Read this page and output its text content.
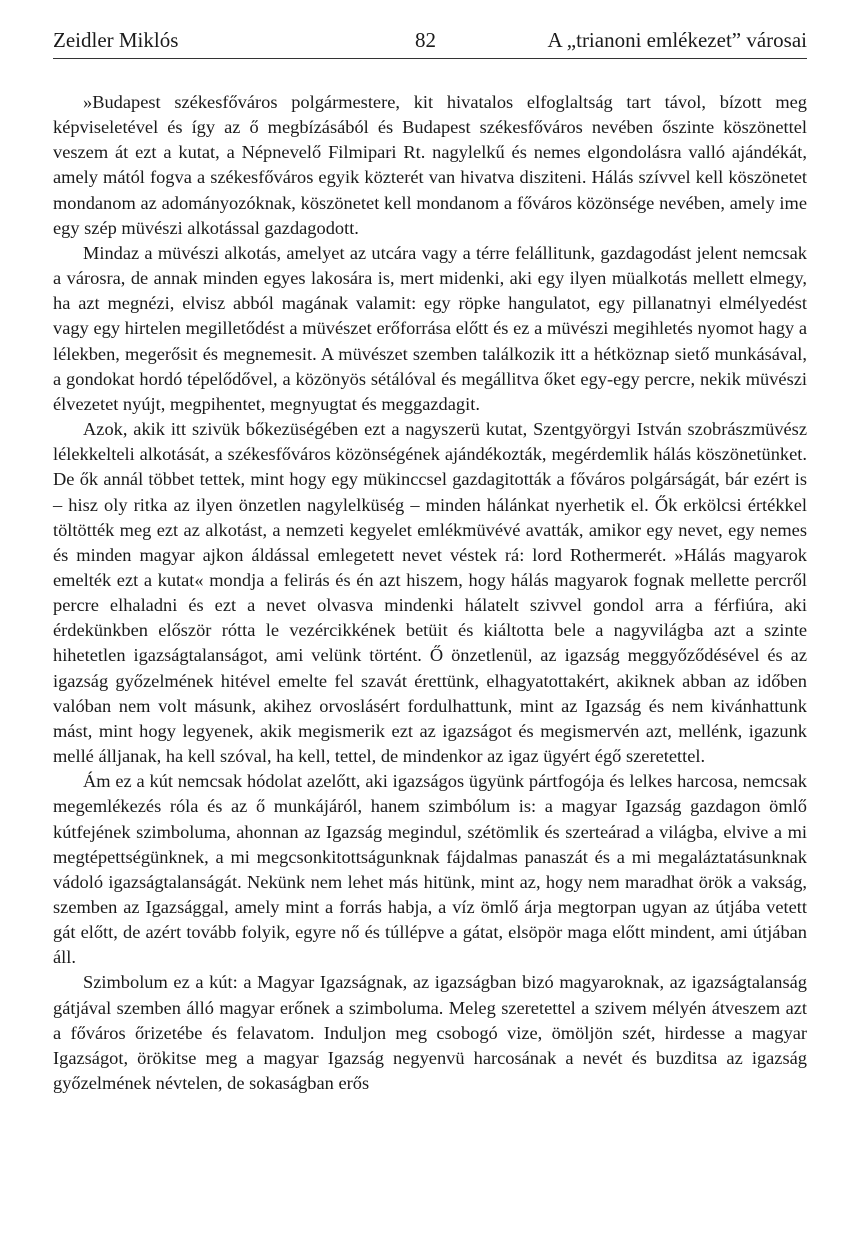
Zeidler Miklós	82	A „trianoni emlékezet” városai

»Budapest székesfőváros polgármestere, kit hivatalos elfoglaltság tart távol, bízott meg képviseletével és így az ő megbízásából és Budapest székesfőváros nevében őszinte köszönettel veszem át ezt a kutat, a Népnevelő Filmipari Rt. nagylelkű és nemes elgondolásra valló ajándékát, amely mától fogva a székesfőváros egyik közterét van hivatva disziteni. Hálás szívvel kell köszönetet mondanom az adományozóknak, köszönetet kell mondanom a főváros közönsége nevében, amely ime egy szép müvészi alkotással gazdagodott.

Mindaz a müvészi alkotás, amelyet az utcára vagy a térre felállitunk, gazdagodást jelent nemcsak a városra, de annak minden egyes lakosára is, mert midenki, aki egy ilyen müalkotás mellett elmegy, ha azt megnézi, elvisz abból magának valamit: egy röpke hangulatot, egy pillanatnyi elmélyedést vagy egy hirtelen megilletődést a müvészet erőforrása előtt és ez a müvészi megihletés nyomot hagy a lélekben, megerősit és megnemesit. A müvészet szemben találkozik itt a hétköznap siető munkásával, a gondokat hordó tépelődővel, a közönyös sétálóval és megállitva őket egy-egy percre, nekik müvészi élvezetet nyújt, megpihentet, megnyugtat és meggazdagit.

Azok, akik itt szivük bőkezüségében ezt a nagyszerü kutat, Szentgyörgyi István szobrászmüvész lélekkelteli alkotását, a székesfőváros közönségének ajándékozták, megérdemlik hálás köszönetünket. De ők annál többet tettek, mint hogy egy mükinccsel gazdagitották a főváros polgárságát, bár ezért is – hisz oly ritka az ilyen önzetlen nagylelküség – minden hálánkat nyerhetik el. Ők erkölcsi értékkel töltötték meg ezt az alkotást, a nemzeti kegyelet emlékmüvévé avatták, amikor egy nevet, egy nemes és minden magyar ajkon áldással emlegetett nevet véstek rá: lord Rothermerét. »Hálás magyarok emelték ezt a kutat« mondja a felirás és én azt hiszem, hogy hálás magyarok fognak mellette percről percre elhaladni és ezt a nevet olvasva mindenki hálatelt szivvel gondol arra a férfiúra, aki érdekünkben először rótta le vezércikkének betüit és kiáltotta bele a nagyvilágba azt a szinte hihetetlen igazságtalanságot, ami velünk történt. Ő önzetlenül, az igazság meggyőződésével és az igazság győzelmének hitével emelte fel szavát érettünk, elhagyatottakért, akiknek abban az időben valóban nem volt másunk, akihez orvoslásért fordulhattunk, mint az Igazság és nem kivánhattunk mást, mint hogy legyenek, akik megismerik ezt az igazságot és megismervén azt, mellénk, igazunk mellé álljanak, ha kell szóval, ha kell, tettel, de mindenkor az igaz ügyért égő szeretettel.

Ám ez a kút nemcsak hódolat azelőtt, aki igazságos ügyünk pártfogója és lelkes harcosa, nemcsak megemlékezés róla és az ő munkájáról, hanem szimbólum is: a magyar Igazság gazdagon ömlő kútfejének szimboluma, ahonnan az Igazság megindul, szétömlik és szerteárad a világba, elvive a mi megtépettségünknek, a mi megcsonkitottságunknak fájdalmas panaszát és a mi megaláztatásunknak vádoló igazságtalanságát. Nekünk nem lehet más hitünk, mint az, hogy nem maradhat örök a vakság, szemben az Igazsággal, amely mint a forrás habja, a víz ömlő árja megtorpan ugyan az útjába vetett gát előtt, de azért tovább folyik, egyre nő és túllépve a gátat, elsöpör maga előtt mindent, ami útjában áll.

Szimbolum ez a kút: a Magyar Igazságnak, az igazságban bizó magyaroknak, az igazságtalanság gátjával szemben álló magyar erőnek a szimboluma. Meleg szeretettel a szivem mélyén átveszem azt a főváros őrizetébe és felavatom. Induljon meg csobogó vize, ömöljön szét, hirdesse a magyar Igazságot, örökitse meg a magyar Igazság negyenvü harcosának a nevét és buzditsa az igazság győzelmének névtelen, de sokaságban erős
